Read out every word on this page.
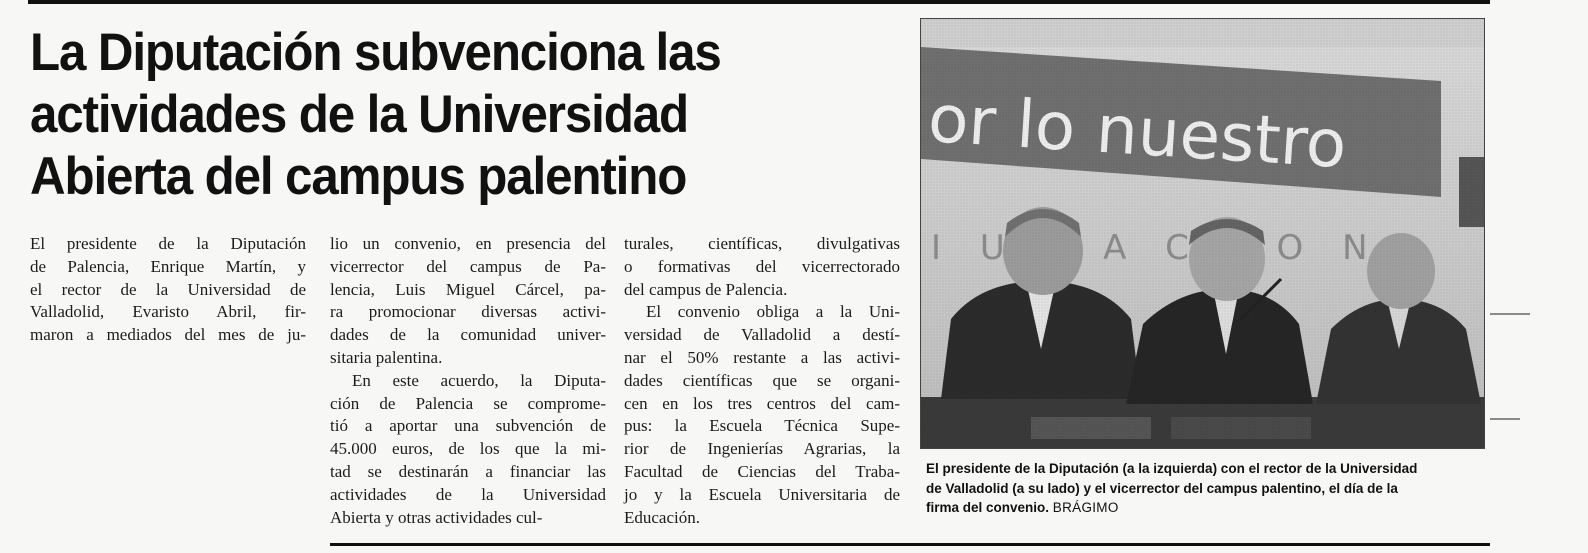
La Diputación subvenciona las
actividades de la Universidad
Abierta del campus palentino
El presidente de la Diputación
de Palencia, Enrique Martín, y
el rector de la Universidad de
Valladolid, Evaristo Abril, fir-
maron a mediados del mes de ju-
lio un convenio, en presencia del
vicerrector del campus de Pa-
lencia, Luis Miguel Cárcel, pa-
ra promocionar diversas activi-
dades de la comunidad univer-
sitaria palentina.
En este acuerdo, la Diputa-
ción de Palencia se comprome-
tió a aportar una subvención de
45.000 euros, de los que la mi-
tad se destinarán a financiar las
actividades de la Universidad
Abierta y otras actividades cul-
turales, científicas, divulgativas
o formativas del vicerrectorado
del campus de Palencia.
El convenio obliga a la Uni-
versidad de Valladolid a destí-
nar el 50% restante a las activi-
dades científicas que se organi-
cen en los tres centros del cam-
pus: la Escuela Técnica Supe-
rior de Ingenierías Agrarias, la
Facultad de Ciencias del Traba-
jo y la Escuela Universitaria de
Educación.
El presidente de la Diputación (a la izquierda) con el rector de la Universidad
de Valladolid (a su lado) y el vicerrector del campus palentino, el día de la
firma del convenio. BRÁGIMO
